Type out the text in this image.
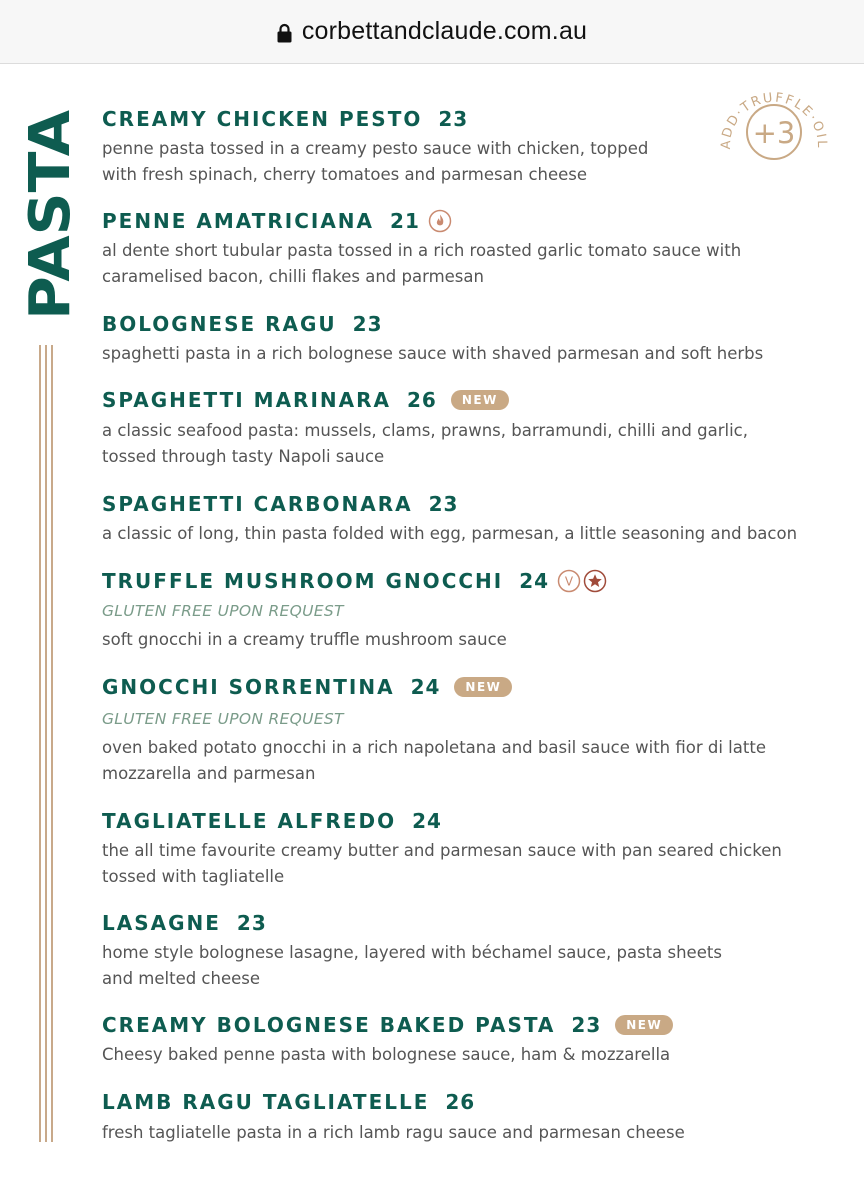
corbettandclaude.com.au
PASTA	+3
ADD·TRUFFLE·OIL
CREAMY CHICKEN PESTO 23
penne pasta tossed in a creamy pesto sauce with chicken, topped
with fresh spinach, cherry tomatoes and parmesan cheese
PENNE AMATRICIANA 21
al dente short tubular pasta tossed in a rich roasted garlic tomato sauce with
caramelised bacon, chilli flakes and parmesan
BOLOGNESE RAGU 23
spaghetti pasta in a rich bolognese sauce with shaved parmesan and soft herbs
SPAGHETTI MARINARA 26	NEW
a classic seafood pasta: mussels, clams, prawns, barramundi, chilli and garlic,
tossed through tasty Napoli sauce
SPAGHETTI CARBONARA 23
a classic of long, thin pasta folded with egg, parmesan, a little seasoning and bacon
TRUFFLE MUSHROOM GNOCCHI 24 V
GLUTEN FREE UPON REQUEST
soft gnocchi in a creamy truffle mushroom sauce
GNOCCHI SORRENTINA 24	NEW
GLUTEN FREE UPON REQUEST
oven baked potato gnocchi in a rich napoletana and basil sauce with fior di latte
mozzarella and parmesan
TAGLIATELLE ALFREDO 24
the all time favourite creamy butter and parmesan sauce with pan seared chicken
tossed with tagliatelle
LASAGNE 23
home style bolognese lasagne, layered with béchamel sauce, pasta sheets
and melted cheese
CREAMY BOLOGNESE BAKED PASTA 23	NEW
Cheesy baked penne pasta with bolognese sauce, ham & mozzarella
LAMB RAGU TAGLIATELLE 26
fresh tagliatelle pasta in a rich lamb ragu sauce and parmesan cheese
